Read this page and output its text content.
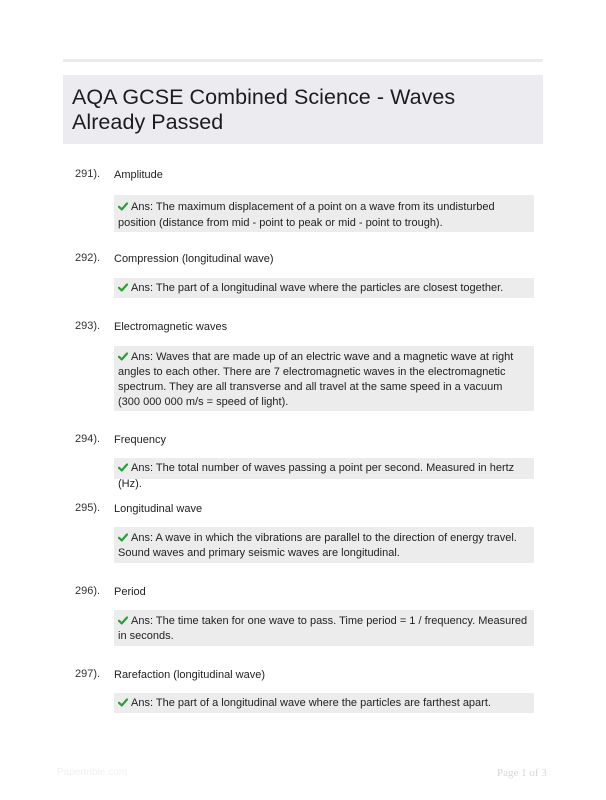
AQA GCSE Combined Science - Waves Already Passed
291). Amplitude
Ans: The maximum displacement of a point on a wave from its undisturbed position (distance from mid - point to peak or mid - point to trough).
292). Compression (longitudinal wave)
Ans: The part of a longitudinal wave where the particles are closest together.
293). Electromagnetic waves
Ans: Waves that are made up of an electric wave and a magnetic wave at right angles to each other. There are 7 electromagnetic waves in the electromagnetic spectrum. They are all transverse and all travel at the same speed in a vacuum (300 000 000 m/s = speed of light).
294). Frequency
Ans: The total number of waves passing a point per second. Measured in hertz (Hz).
295). Longitudinal wave
Ans: A wave in which the vibrations are parallel to the direction of energy travel. Sound waves and primary seismic waves are longitudinal.
296). Period
Ans: The time taken for one wave to pass. Time period = 1 / frequency. Measured in seconds.
297). Rarefaction (longitudinal wave)
Ans: The part of a longitudinal wave where the particles are farthest apart.
Papertrible.com	Page 1 of 3
